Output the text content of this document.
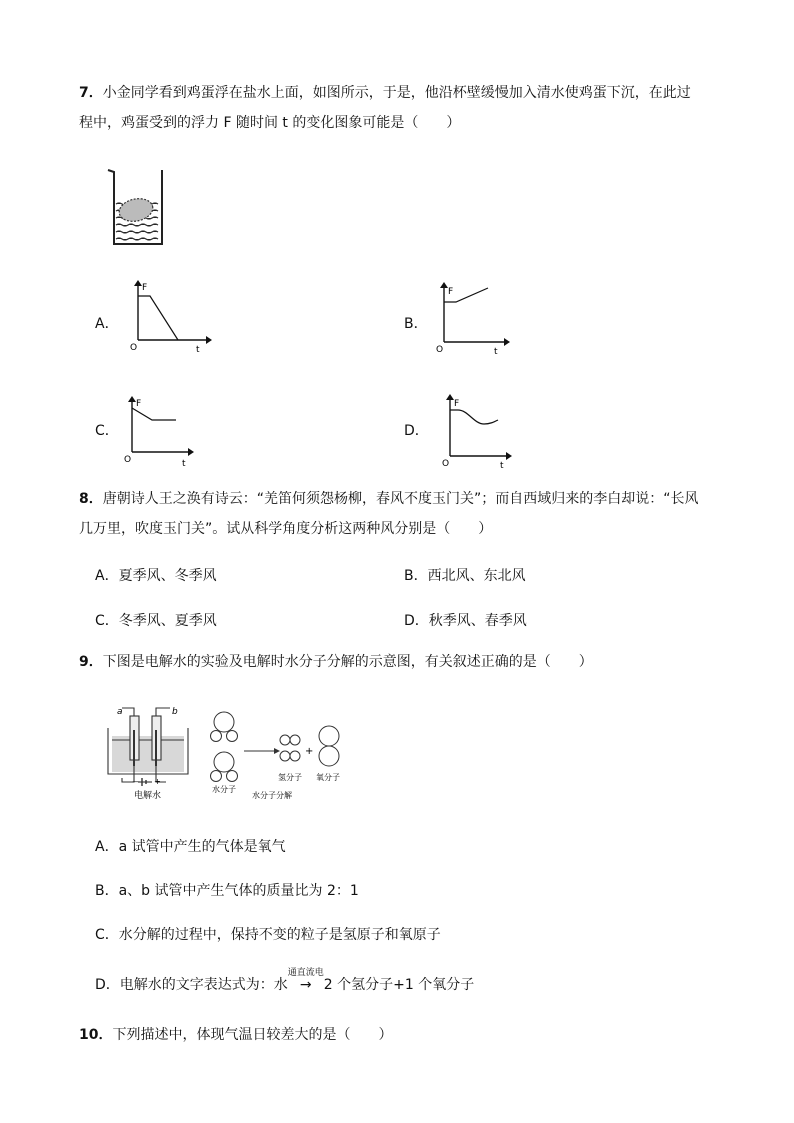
7．小金同学看到鸡蛋浮在盐水上面，如图所示，于是，他沿杯壁缓慢加入清水使鸡蛋下沉，在此过
程中，鸡蛋受到的浮力 F 随时间 t 的变化图象可能是（　　）
A．
F
t
O
B．
F
t
O
C．
F
t
O
D．
F
t
O
8．唐朝诗人王之涣有诗云：“羌笛何须怨杨柳，春风不度玉门关”；而自西域归来的李白却说：“长风
几万里，吹度玉门关”。试从科学角度分析这两种风分别是（　　）
A．夏季风、冬季风	B．西北风、东北风
C．冬季风、夏季风	D．秋季风、春季风
9．下图是电解水的实验及电解时水分子分解的示意图，有关叙述正确的是（　　）
a	b
— +
电解水
水分子
氢分子
+
氧分子
水分子分解
A．a 试管中产生的气体是氧气
B．a、b 试管中产生气体的质量比为 2：1
C．水分解的过程中，保持不变的粒子是氢原子和氧原子
D．电解水的文字表达式为：水
通直流电
→ 2 个氢分子+1 个氧分子
10．下列描述中，体现气温日较差大的是（　　）
